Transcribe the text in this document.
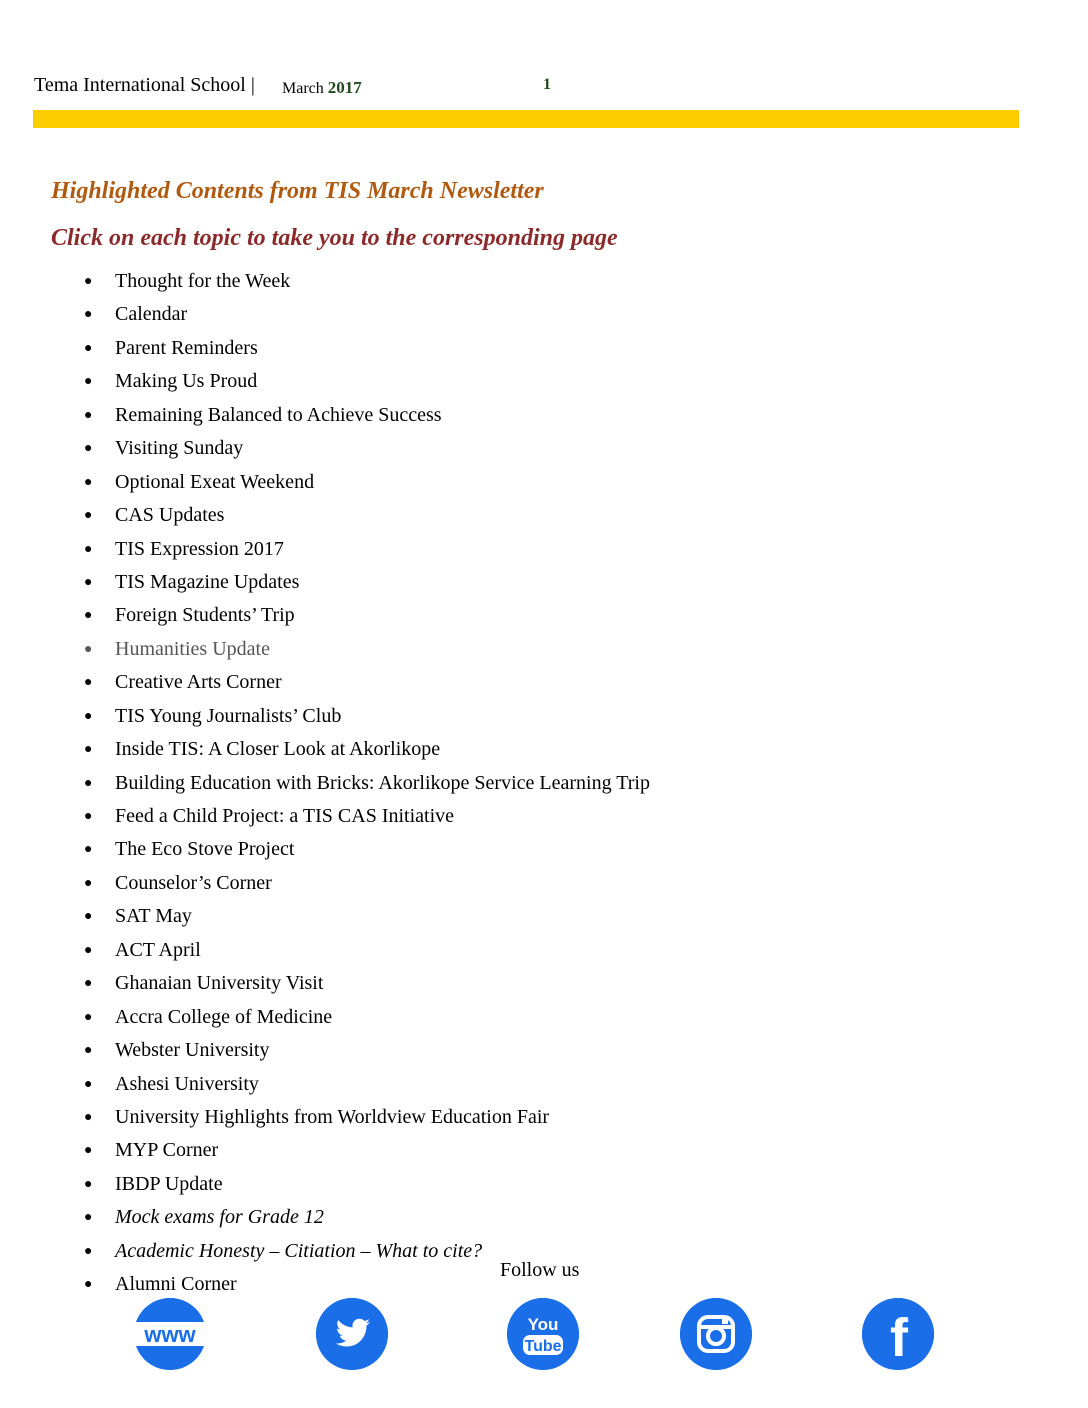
Tema International School | March 2017	1
Highlighted Contents from TIS March Newsletter
Click on each topic to take you to the corresponding page
● Thought for the Week
● Calendar
● Parent Reminders
● Making Us Proud
● Remaining Balanced to Achieve Success
● Visiting Sunday
● Optional Exeat Weekend
● CAS Updates
● TIS Expression 2017
● TIS Magazine Updates
● Foreign Students’ Trip
● Humanities Update
● Creative Arts Corner
● TIS Young Journalists’ Club
● Inside TIS: A Closer Look at Akorlikope
● Building Education with Bricks: Akorlikope Service Learning Trip
● Feed a Child Project: a TIS CAS Initiative
● The Eco Stove Project
● Counselor’s Corner
● SAT May
● ACT April
● Ghanaian University Visit
● Accra College of Medicine
● Webster University
● Ashesi University
● University Highlights from Worldview Education Fair
● MYP Corner
● IBDP Update
● Mock exams for Grade 12
● Academic Honesty – Citiation – What to cite?
● Alumni Corner
Follow us
www	You
Tube	f
